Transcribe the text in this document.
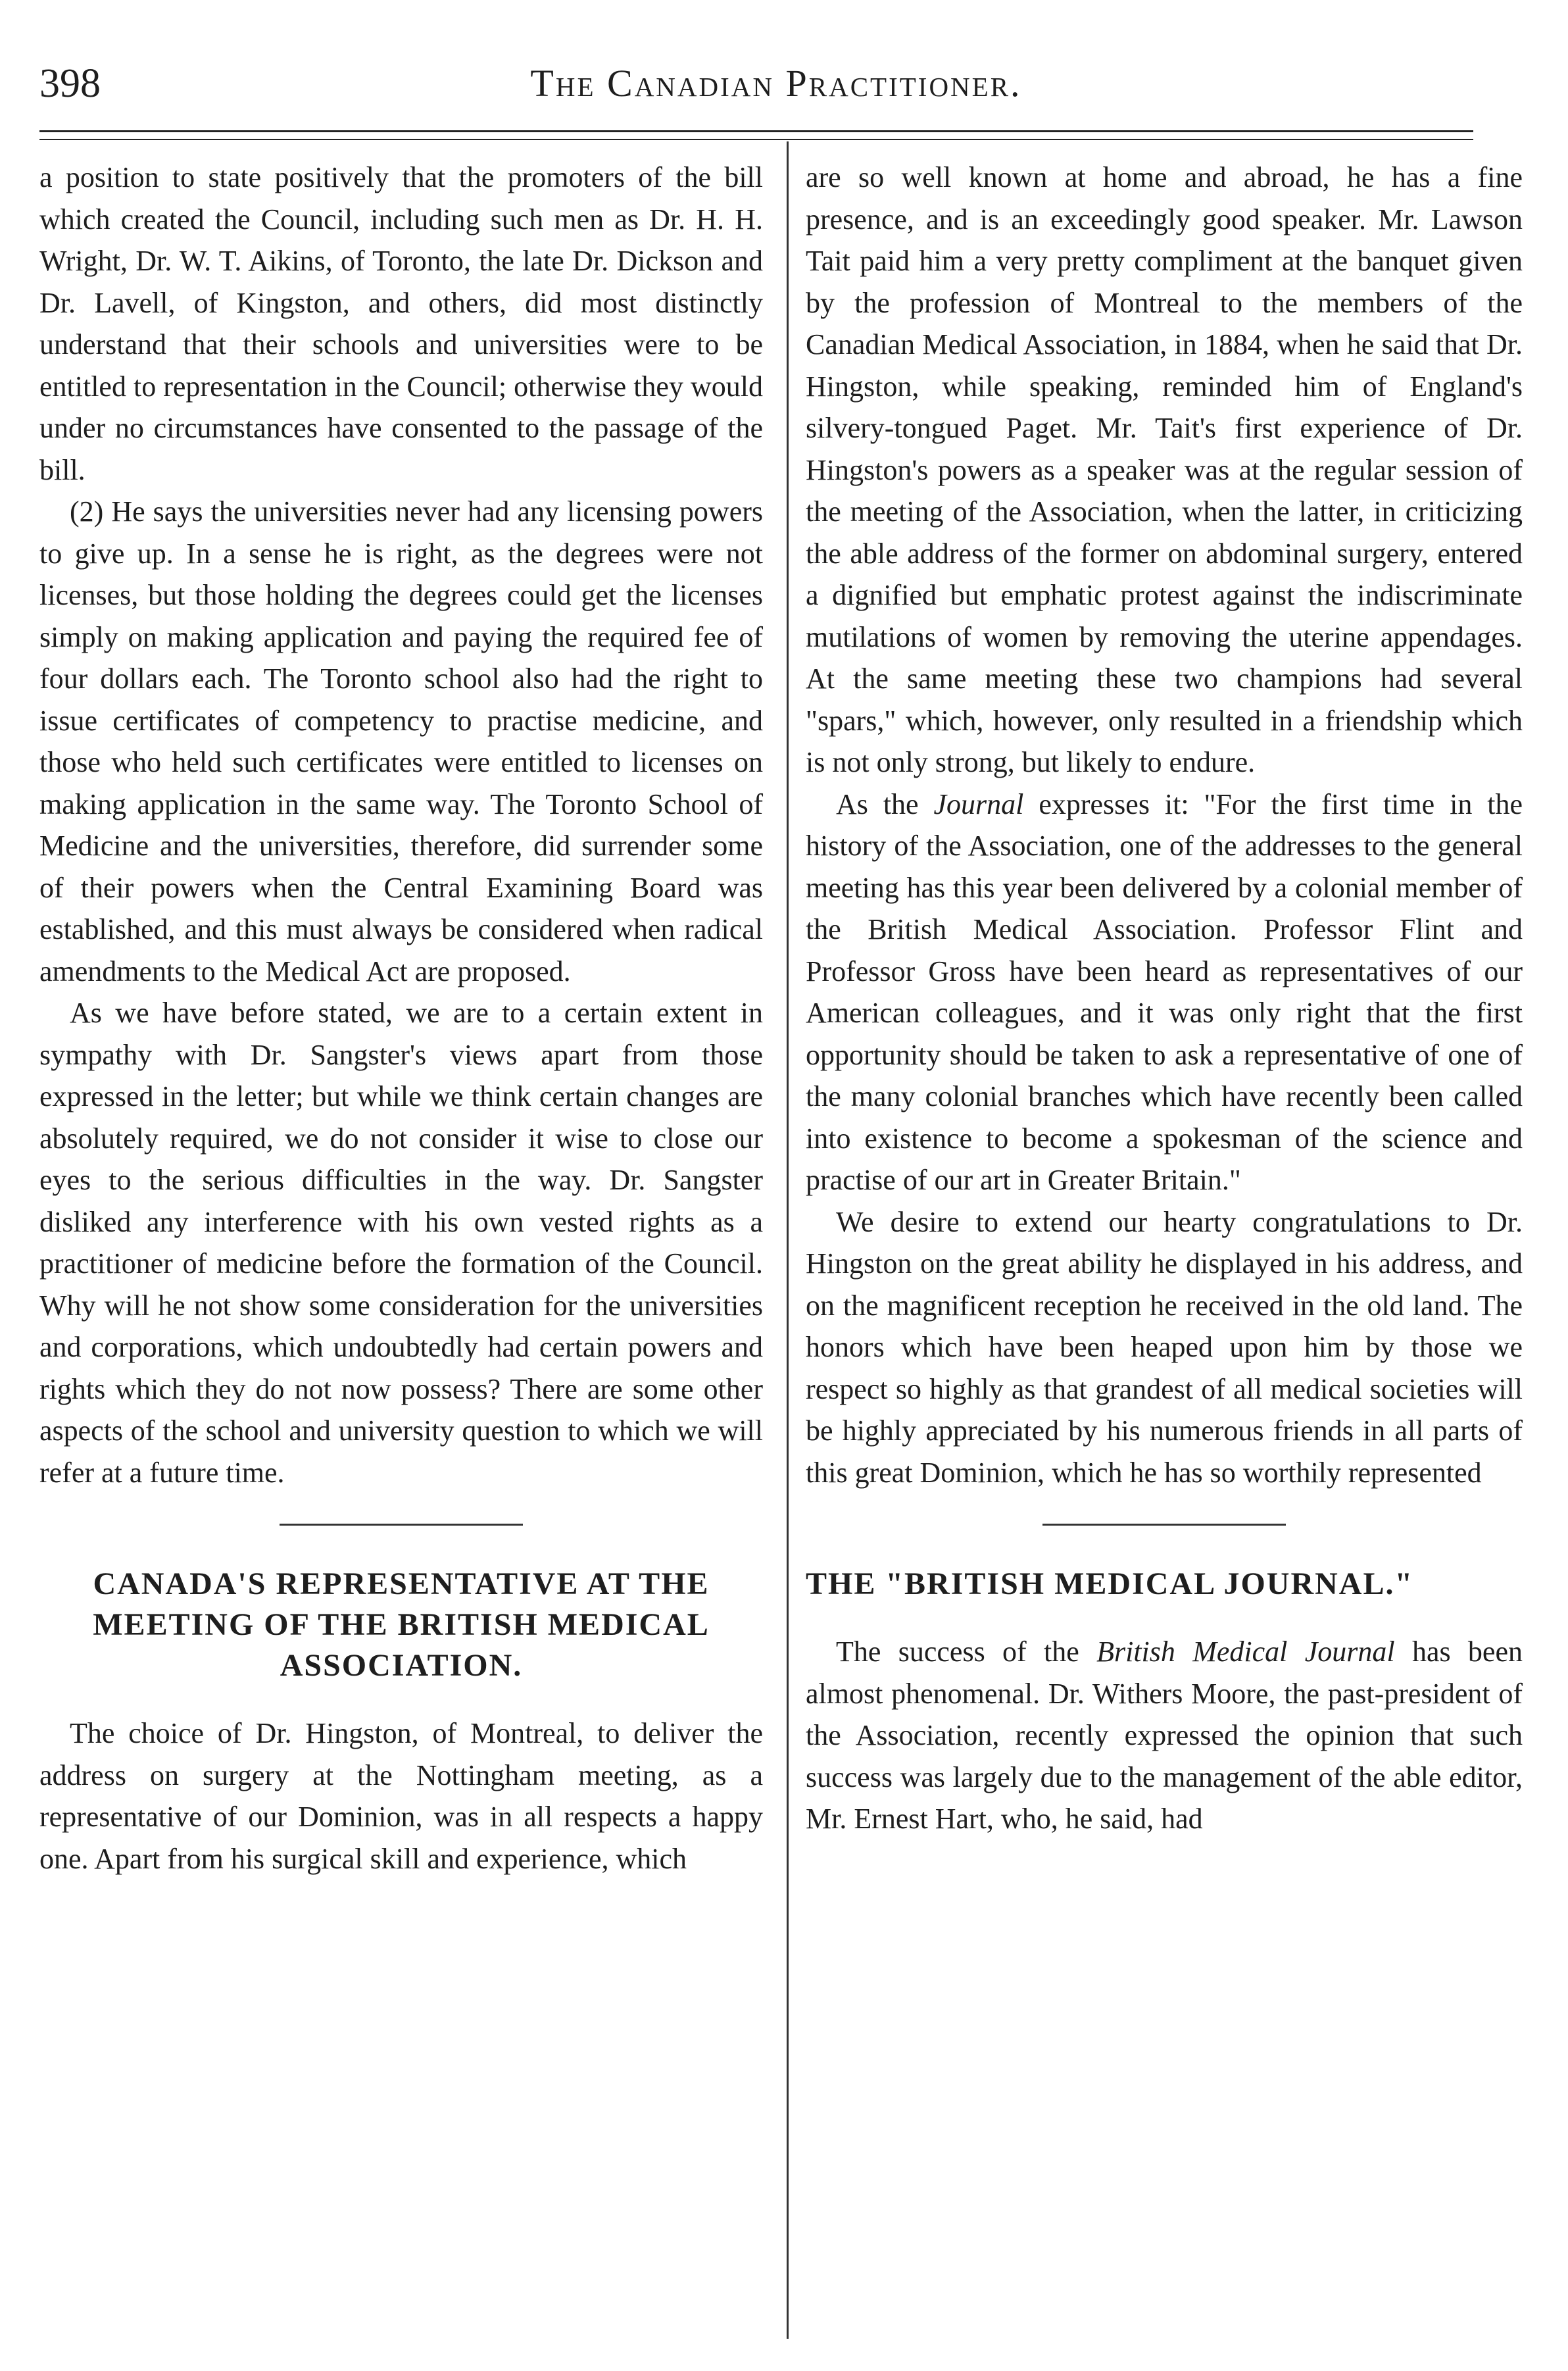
398	The Canadian Practitioner.

a position to state positively that the promoters of the bill which created the Council, including such men as Dr. H. H. Wright, Dr. W. T. Aikins, of Toronto, the late Dr. Dickson and Dr. Lavell, of Kingston, and others, did most distinctly understand that their schools and universities were to be entitled to representation in the Council; otherwise they would under no circumstances have consented to the passage of the bill.

(2) He says the universities never had any licensing powers to give up. In a sense he is right, as the degrees were not licenses, but those holding the degrees could get the licenses simply on making application and paying the required fee of four dollars each. The Toronto school also had the right to issue certificates of competency to practise medicine, and those who held such certificates were entitled to licenses on making application in the same way. The Toronto School of Medicine and the universities, therefore, did surrender some of their powers when the Central Examining Board was established, and this must always be considered when radical amendments to the Medical Act are proposed.

As we have before stated, we are to a certain extent in sympathy with Dr. Sangster's views apart from those expressed in the letter; but while we think certain changes are absolutely required, we do not consider it wise to close our eyes to the serious difficulties in the way. Dr. Sangster disliked any interference with his own vested rights as a practitioner of medicine before the formation of the Council. Why will he not show some consideration for the universities and corporations, which undoubtedly had certain powers and rights which they do not now possess? There are some other aspects of the school and university question to which we will refer at a future time.

CANADA'S REPRESENTATIVE AT THE MEETING OF THE BRITISH MEDICAL ASSOCIATION.

The choice of Dr. Hingston, of Montreal, to deliver the address on surgery at the Nottingham meeting, as a representative of our Dominion, was in all respects a happy one. Apart from his surgical skill and experience, which

are so well known at home and abroad, he has a fine presence, and is an exceedingly good speaker. Mr. Lawson Tait paid him a very pretty compliment at the banquet given by the profession of Montreal to the members of the Canadian Medical Association, in 1884, when he said that Dr. Hingston, while speaking, reminded him of England's silvery-tongued Paget. Mr. Tait's first experience of Dr. Hingston's powers as a speaker was at the regular session of the meeting of the Association, when the latter, in criticizing the able address of the former on abdominal surgery, entered a dignified but emphatic protest against the indiscriminate mutilations of women by removing the uterine appendages. At the same meeting these two champions had several "spars," which, however, only resulted in a friendship which is not only strong, but likely to endure.

As the Journal expresses it: "For the first time in the history of the Association, one of the addresses to the general meeting has this year been delivered by a colonial member of the British Medical Association. Professor Flint and Professor Gross have been heard as representatives of our American colleagues, and it was only right that the first opportunity should be taken to ask a representative of one of the many colonial branches which have recently been called into existence to become a spokesman of the science and practise of our art in Greater Britain."

We desire to extend our hearty congratulations to Dr. Hingston on the great ability he displayed in his address, and on the magnificent reception he received in the old land. The honors which have been heaped upon him by those we respect so highly as that grandest of all medical societies will be highly appreciated by his numerous friends in all parts of this great Dominion, which he has so worthily represented

THE "BRITISH MEDICAL JOURNAL."

The success of the British Medical Journal has been almost phenomenal. Dr. Withers Moore, the past-president of the Association, recently expressed the opinion that such success was largely due to the management of the able editor, Mr. Ernest Hart, who, he said, had
